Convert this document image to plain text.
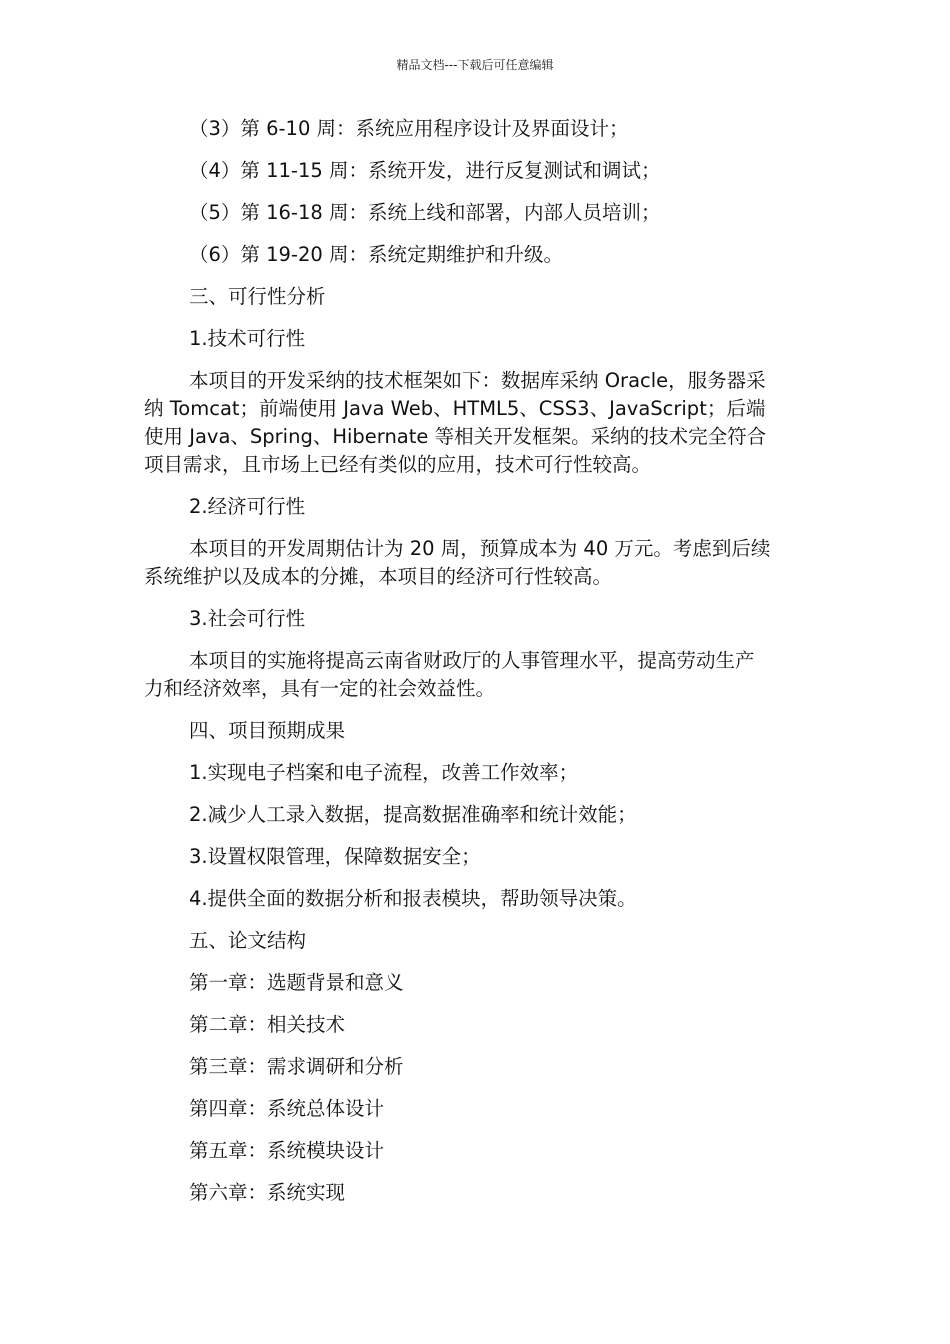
精品文档---下载后可任意编辑

（3）第 6-10 周：系统应用程序设计及界面设计；

（4）第 11-15 周：系统开发，进行反复测试和调试；

（5）第 16-18 周：系统上线和部署，内部人员培训；

（6）第 19-20 周：系统定期维护和升级。

三、可行性分析

1.技术可行性

本项目的开发采纳的技术框架如下：数据库采纳 Oracle，服务器采
纳 Tomcat；前端使用 Java Web、HTML5、CSS3、JavaScript；后端
使用 Java、Spring、Hibernate 等相关开发框架。采纳的技术完全符合
项目需求，且市场上已经有类似的应用，技术可行性较高。

2.经济可行性

本项目的开发周期估计为 20 周，预算成本为 40 万元。考虑到后续
系统维护以及成本的分摊，本项目的经济可行性较高。

3.社会可行性

本项目的实施将提高云南省财政厅的人事管理水平，提高劳动生产
力和经济效率，具有一定的社会效益性。

四、项目预期成果

1.实现电子档案和电子流程，改善工作效率；

2.减少人工录入数据，提高数据准确率和统计效能；

3.设置权限管理，保障数据安全；

4.提供全面的数据分析和报表模块，帮助领导决策。

五、论文结构

第一章：选题背景和意义

第二章：相关技术

第三章：需求调研和分析

第四章：系统总体设计

第五章：系统模块设计

第六章：系统实现
